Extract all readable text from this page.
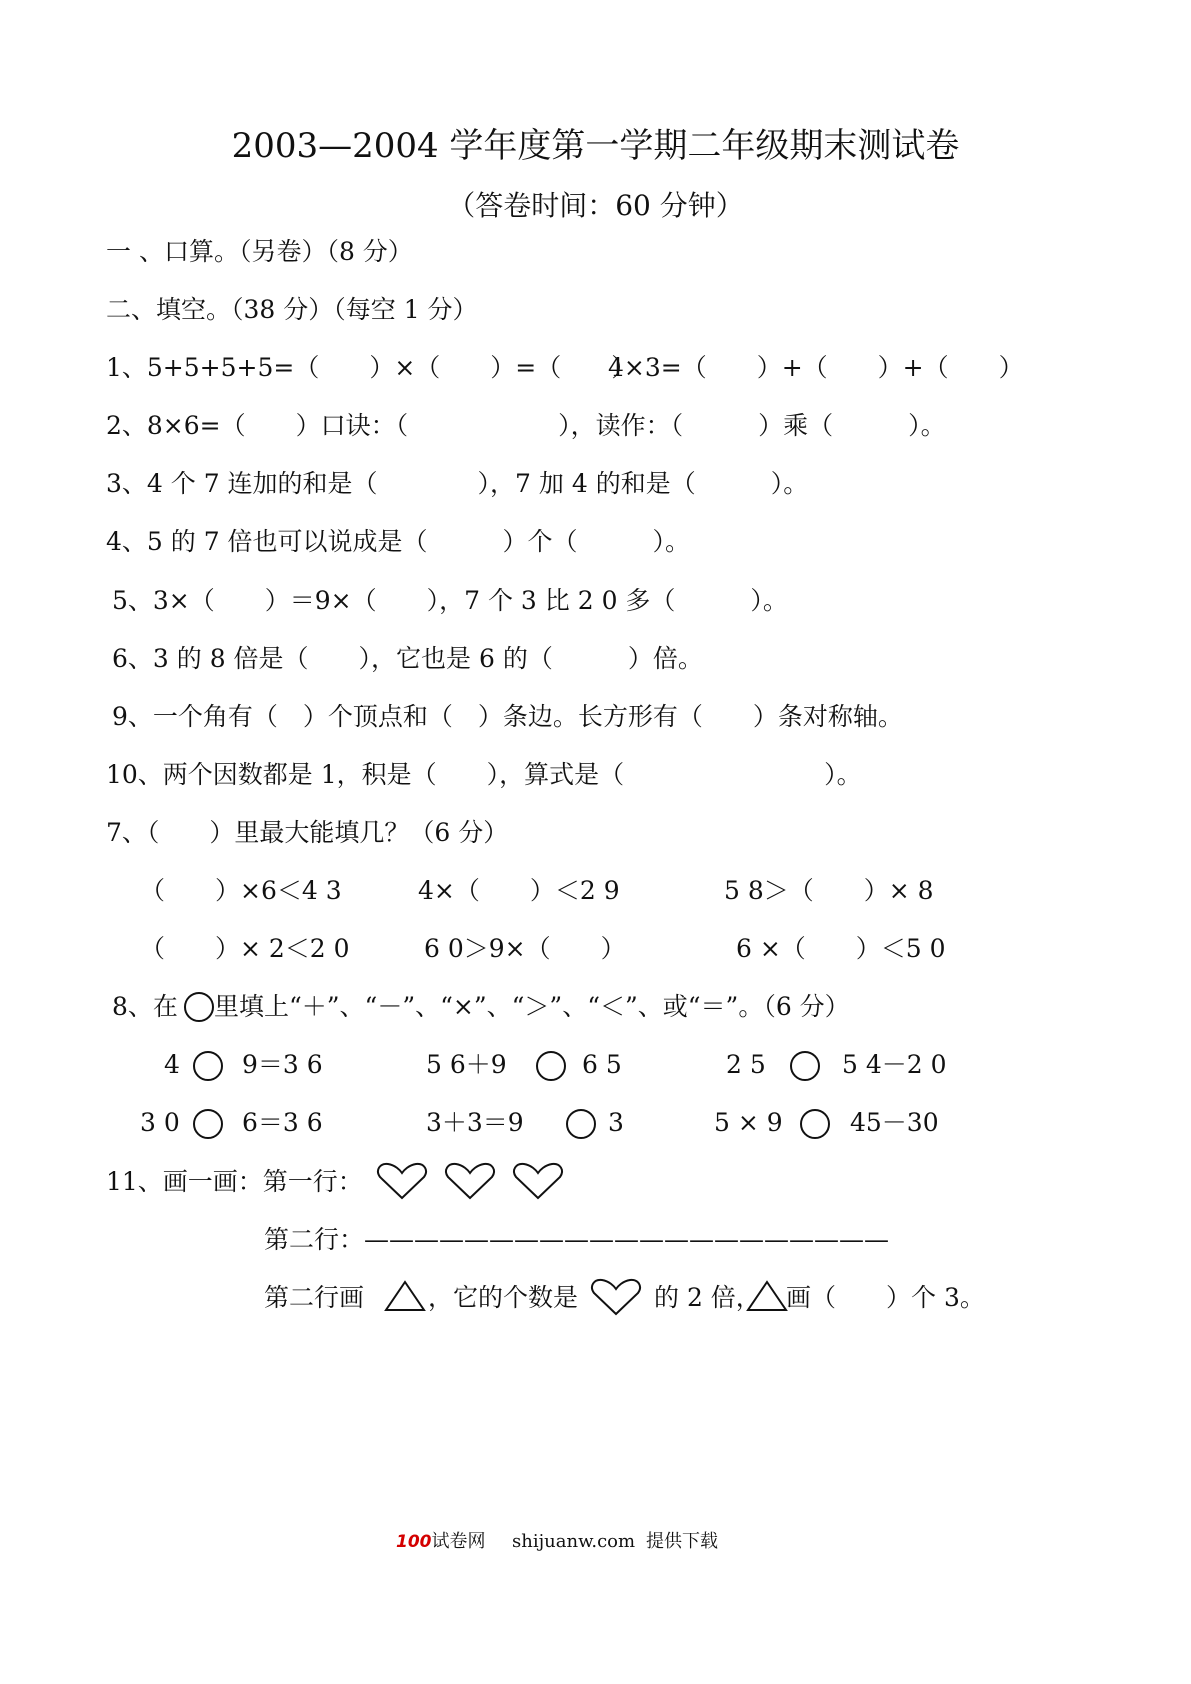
2003—2004 学年度第一学期二年级期末测试卷
（答卷时间：60 分钟）
一 、口算。（另卷）（8 分）
二、填空。（38 分）（每空 1 分）
1、5+5+5+5=（　　）×（　　）=（　　）
4×3=（　　）+（　　）+（　　）
2、8×6=（　　）口诀：（　　　　　　），读作：（　　　）乘（　　　）。
3、4 个 7 连加的和是（　　　　），7 加 4 的和是（　　　）。
4、5 的 7 倍也可以说成是（　　　）个（　　　）。
5、3×（　　）＝9×（　　），7 个 3 比 2 0 多（　　　）。
6、3 的 8 倍是（　　），它也是 6 的（　　　）倍。
9、一个角有（　）个顶点和（　）条边。长方形有（　　）条对称轴。
10、两个因数都是 1，积是（　　），算式是（　　　　　　　　）。
7、（　　）里最大能填几？（6 分）
（　　）×6＜4 3	4×（　　）＜2 9	5 8＞（　　）× 8
（　　）× 2＜2 0	6 0＞9×（　　）	6 ×（　　）＜5 0
8、在 里填上“＋”、“－”、“×”、“＞”、“＜”、或“＝”。（6 分）
4 9＝3 6	5 6＋9	6 5	2 5	5 4－2 0
3 0 6＝3 6	3＋3＝9	3	5 × 9	45－30
11、画一画：第一行：
第二行：—————————————————————
第二行画	，它的个数是	的 2 倍， 画（　　）个 3。
100试卷网 shijuanw.com 提供下载
